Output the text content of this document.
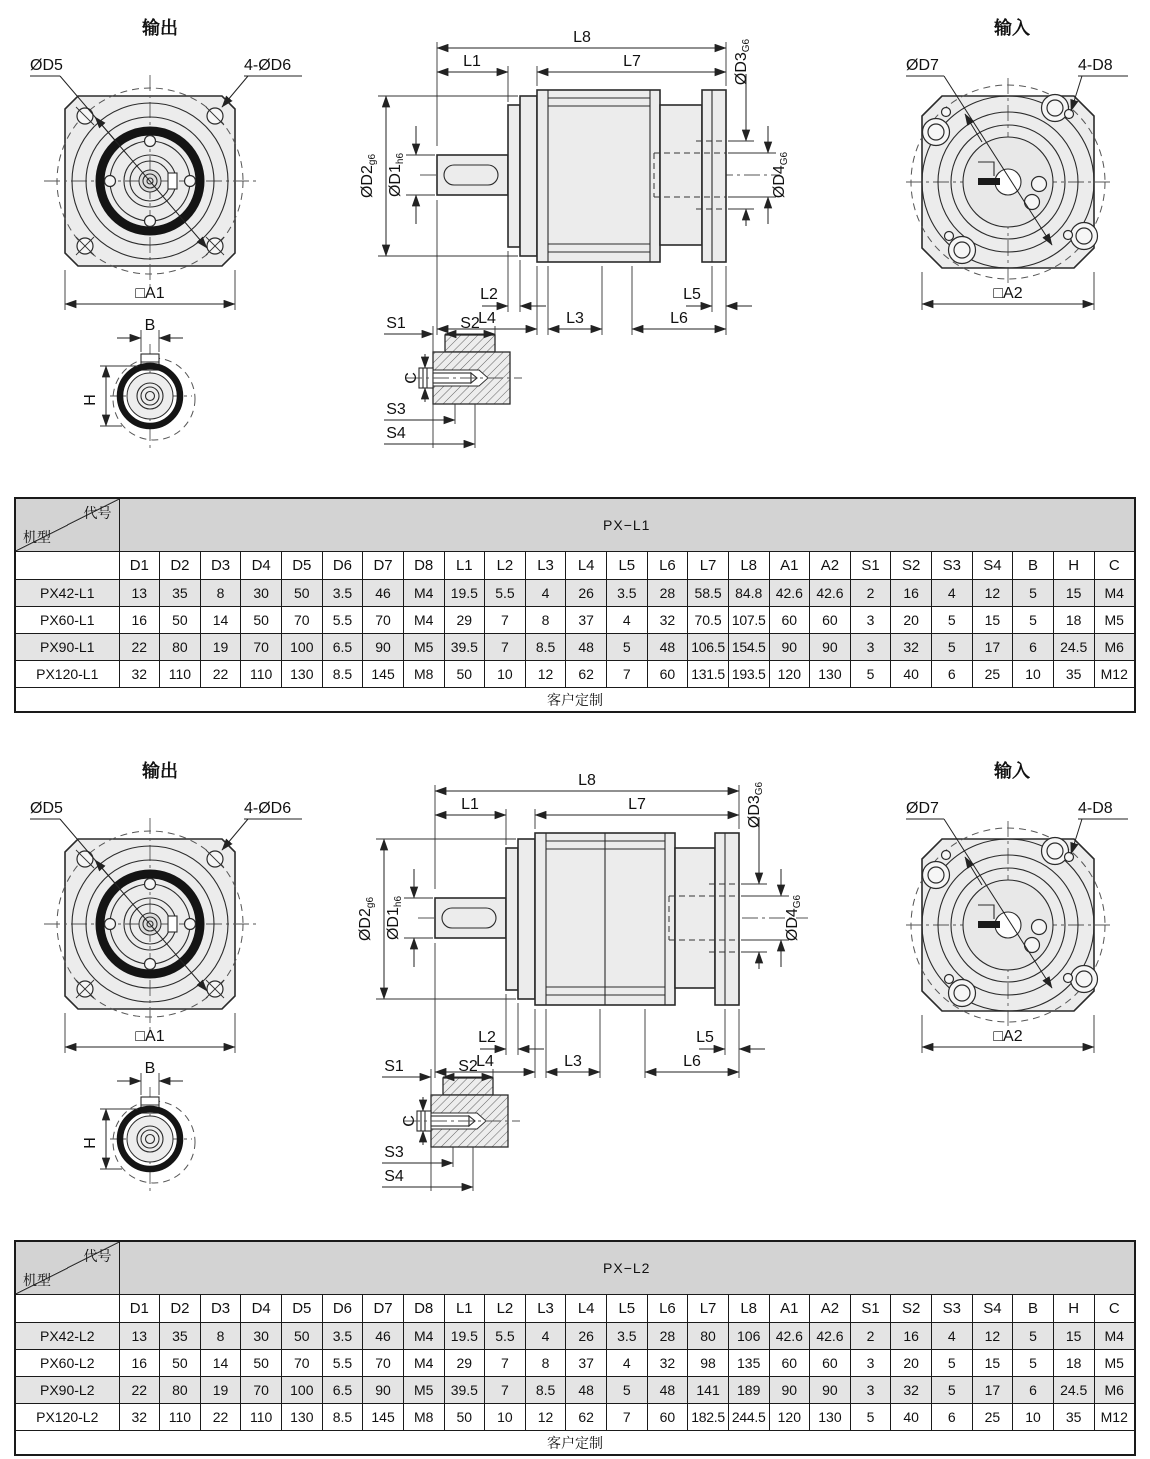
输出
ØD5	4-ØD6
□A1
B
H
L8
L1	L7
ØD2g6
ØD1h6
ØD3G6
ØD4G6
L2	L5
L4	L3	L6
S1	S2
C
S3
S4
输入
ØD7	4-D8
□A2
代号
机型	PX−L1																								
	D1	D2	D3	D4	D5	D6	D7	D8	L1	L2	L3	L4	L5	L6	L7	L8	A1	A2	S1	S2	S3	S4	B	H	C
PX42-L1	13	35	8	30	50	3.5	46	M4	19.5	5.5	4	26	3.5	28	58.5	84.8	42.6	42.6	2	16	4	12	5	15	M4
PX60-L1	16	50	14	50	70	5.5	70	M4	29	7	8	37	4	32	70.5	107.5	60	60	3	20	5	15	5	18	M5
PX90-L1	22	80	19	70	100	6.5	90	M5	39.5	7	8.5	48	5	48	106.5	154.5	90	90	3	32	5	17	6	24.5	M6
PX120-L1	32	110	22	110	130	8.5	145	M8	50	10	12	62	7	60	131.5	193.5	120	130	5	40	6	25	10	35	M12
客户定制																									
L8
L1	L7
ØD2g6
ØD1h6
ØD3G6
ØD4G6
L2	L5
L4	L3	L6
S1	S2
C
S3
S4
代号
机型	PX−L2																								
	D1	D2	D3	D4	D5	D6	D7	D8	L1	L2	L3	L4	L5	L6	L7	L8	A1	A2	S1	S2	S3	S4	B	H	C
PX42-L2	13	35	8	30	50	3.5	46	M4	19.5	5.5	4	26	3.5	28	80	106	42.6	42.6	2	16	4	12	5	15	M4
PX60-L2	16	50	14	50	70	5.5	70	M4	29	7	8	37	4	32	98	135	60	60	3	20	5	15	5	18	M5
PX90-L2	22	80	19	70	100	6.5	90	M5	39.5	7	8.5	48	5	48	141	189	90	90	3	32	5	17	6	24.5	M6
PX120-L2	32	110	22	110	130	8.5	145	M8	50	10	12	62	7	60	182.5	244.5	120	130	5	40	6	25	10	35	M12
客户定制																									
